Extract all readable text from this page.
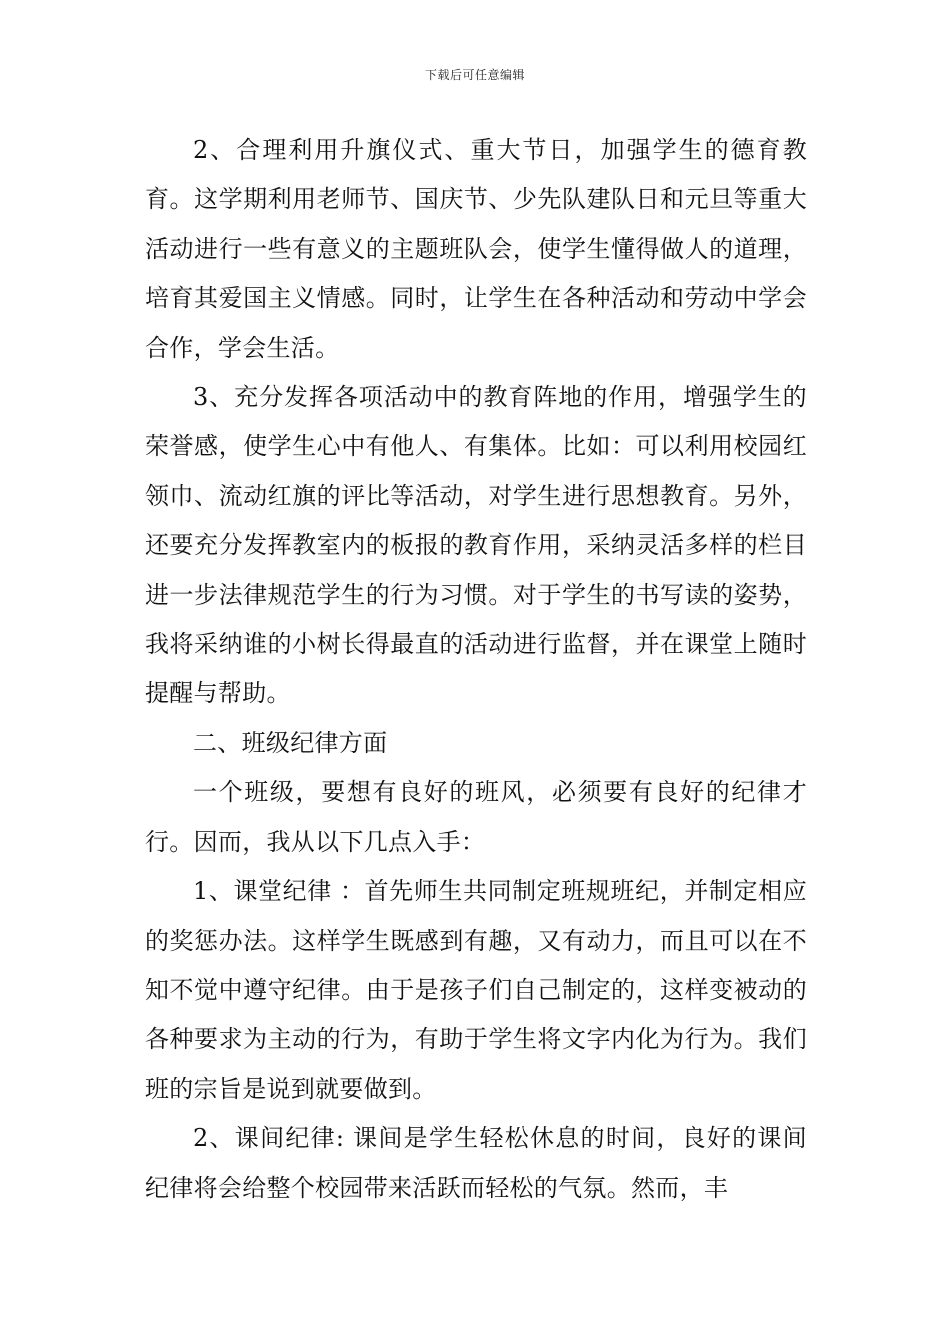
下载后可任意编辑

2、合理利用升旗仪式、重大节日，加强学生的德育教育。这学期利用老师节、国庆节、少先队建队日和元旦等重大活动进行一些有意义的主题班队会，使学生懂得做人的道理，培育其爱国主义情感。同时，让学生在各种活动和劳动中学会合作，学会生活。

3、充分发挥各项活动中的教育阵地的作用，增强学生的荣誉感，使学生心中有他人、有集体。比如：可以利用校园红领巾、流动红旗的评比等活动，对学生进行思想教育。另外，还要充分发挥教室内的板报的教育作用，采纳灵活多样的栏目进一步法律规范学生的行为习惯。对于学生的书写读的姿势，我将采纳谁的小树长得最直的活动进行监督，并在课堂上随时提醒与帮助。

二、班级纪律方面

一个班级，要想有良好的班风，必须要有良好的纪律才行。因而，我从以下几点入手：

1、课堂纪律 ：首先师生共同制定班规班纪，并制定相应的奖惩办法。这样学生既感到有趣，又有动力，而且可以在不知不觉中遵守纪律。由于是孩子们自己制定的，这样变被动的各种要求为主动的行为，有助于学生将文字内化为行为。我们班的宗旨是说到就要做到。

2、课间纪律: 课间是学生轻松休息的时间，良好的课间纪律将会给整个校园带来活跃而轻松的气氛。然而，丰
